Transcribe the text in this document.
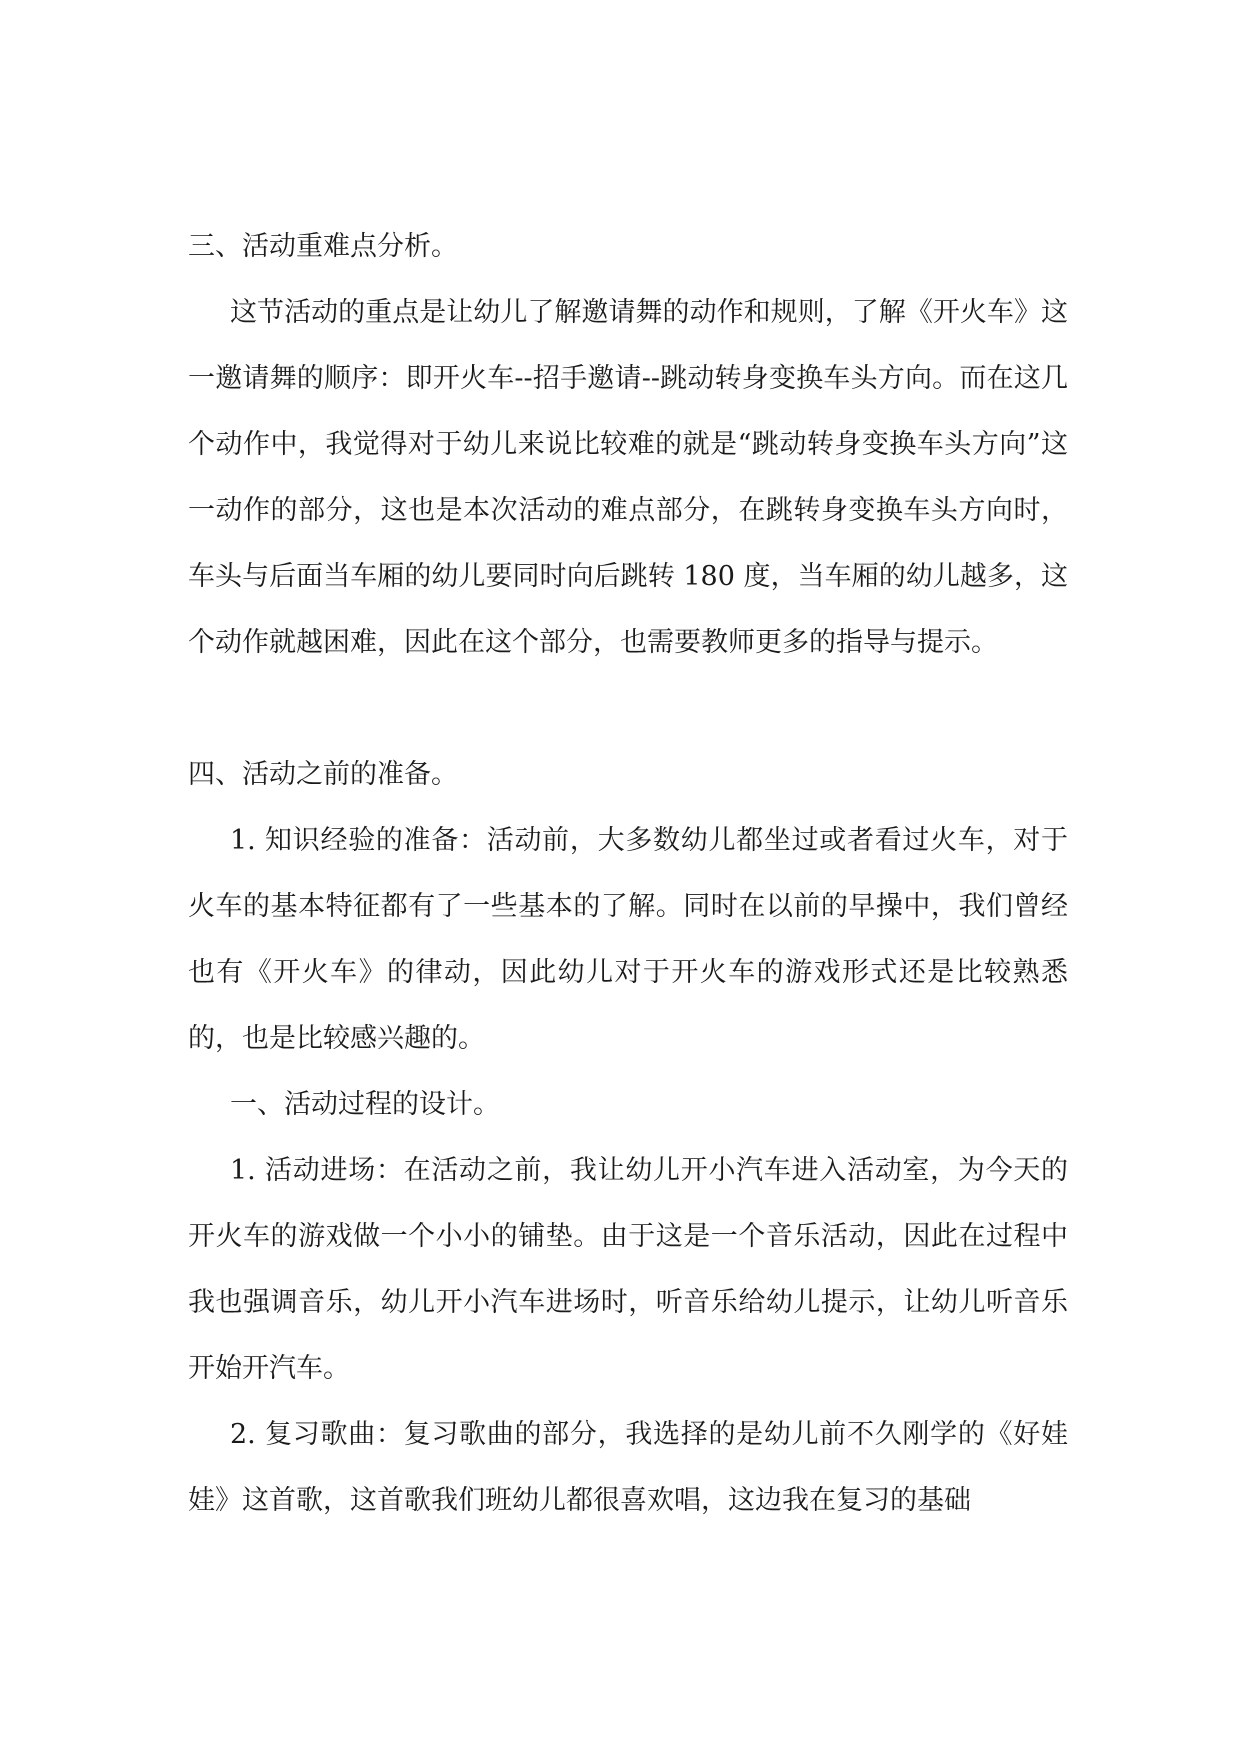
三、活动重难点分析。

这节活动的重点是让幼儿了解邀请舞的动作和规则，了解《开火车》这一邀请舞的顺序：即开火车--招手邀请--跳动转身变换车头方向。而在这几个动作中，我觉得对于幼儿来说比较难的就是“跳动转身变换车头方向”这一动作的部分，这也是本次活动的难点部分，在跳转身变换车头方向时，车头与后面当车厢的幼儿要同时向后跳转 180 度，当车厢的幼儿越多，这个动作就越困难，因此在这个部分，也需要教师更多的指导与提示。

四、活动之前的准备。

1. 知识经验的准备：活动前，大多数幼儿都坐过或者看过火车，对于火车的基本特征都有了一些基本的了解。同时在以前的早操中，我们曾经也有《开火车》的律动，因此幼儿对于开火车的游戏形式还是比较熟悉的，也是比较感兴趣的。

一、活动过程的设计。

1. 活动进场：在活动之前，我让幼儿开小汽车进入活动室，为今天的开火车的游戏做一个小小的铺垫。由于这是一个音乐活动，因此在过程中我也强调音乐，幼儿开小汽车进场时，听音乐给幼儿提示，让幼儿听音乐开始开汽车。

2. 复习歌曲：复习歌曲的部分，我选择的是幼儿前不久刚学的《好娃娃》这首歌，这首歌我们班幼儿都很喜欢唱，这边我在复习的基础
